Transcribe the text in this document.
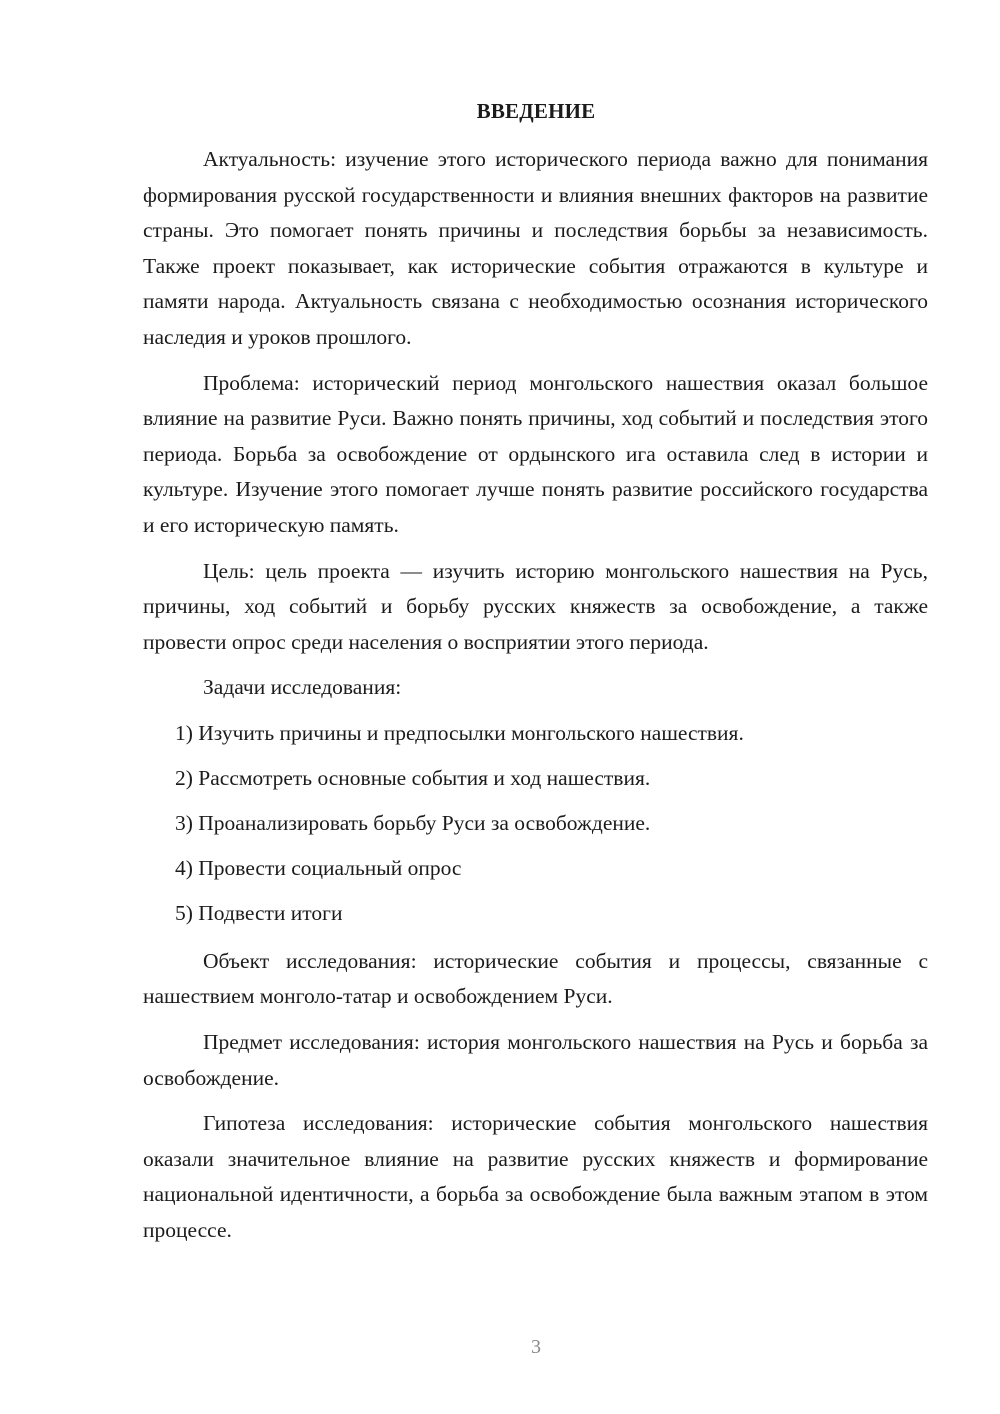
ВВЕДЕНИЕ

Актуальность: изучение этого исторического периода важно для понимания формирования русской государственности и влияния внешних факторов на развитие страны. Это помогает понять причины и последствия борьбы за независимость. Также проект показывает, как исторические события отражаются в культуре и памяти народа. Актуальность связана с необходимостью осознания исторического наследия и уроков прошлого.

Проблема: исторический период монгольского нашествия оказал большое влияние на развитие Руси. Важно понять причины, ход событий и последствия этого периода. Борьба за освобождение от ордынского ига оставила след в истории и культуре. Изучение этого помогает лучше понять развитие российского государства и его историческую память.

Цель: цель проекта — изучить историю монгольского нашествия на Русь, причины, ход событий и борьбу русских княжеств за освобождение, а также провести опрос среди населения о восприятии этого периода.

Задачи исследования:

1) Изучить причины и предпосылки монгольского нашествия.
2) Рассмотреть основные события и ход нашествия.
3) Проанализировать борьбу Руси за освобождение.
4) Провести социальный опрос
5) Подвести итоги

Объект исследования: исторические события и процессы, связанные с нашествием монголо-татар и освобождением Руси.

Предмет исследования: история монгольского нашествия на Русь и борьба за освобождение.

Гипотеза исследования: исторические события монгольского нашествия оказали значительное влияние на развитие русских княжеств и формирование национальной идентичности, а борьба за освобождение была важным этапом в этом процессе.

3
